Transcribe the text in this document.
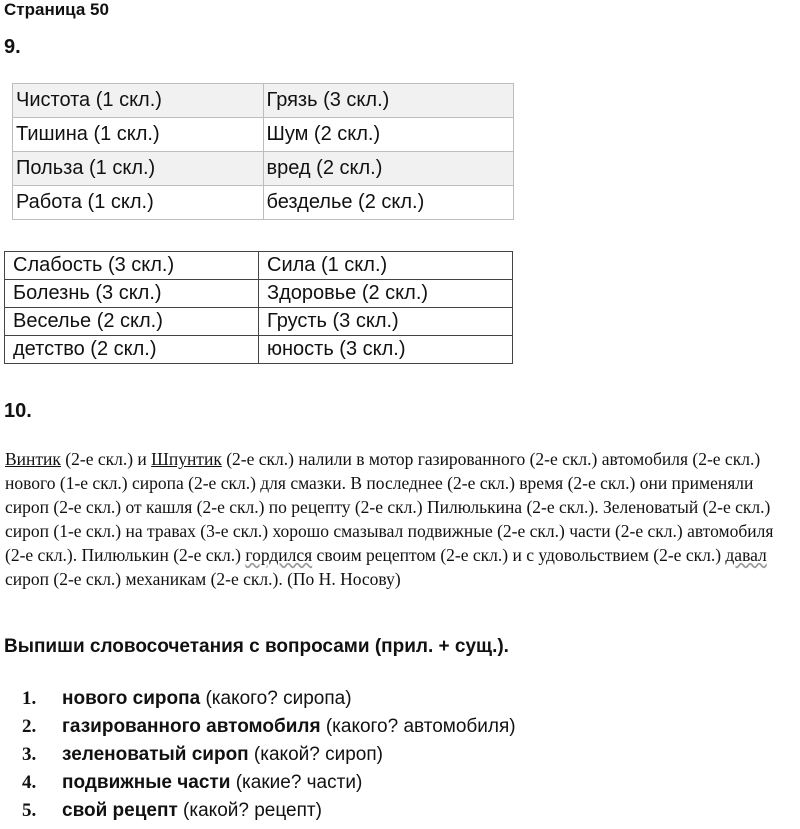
Страница 50
9.
Чистота (1 скл.)	Грязь (3 скл.)
Тишина (1 скл.)	Шум (2 скл.)
Польза (1 скл.)	вред (2 скл.)
Работа (1 скл.)	безделье (2 скл.)
Слабость (3 скл.)	Сила (1 скл.)
Болезнь (3 скл.)	Здоровье (2 скл.)
Веселье (2 скл.)	Грусть (3 скл.)
детство (2 скл.)	юность (3 скл.)
10.
Винтик (2-е скл.) и Шпунтик (2-е скл.) налили в мотор газированного (2-е скл.) автомобиля (2-е скл.) нового (1-е скл.) сиропа (2-е скл.) для смазки. В последнее (2-е скл.) время (2-е скл.) они применяли сироп (2-е скл.) от кашля (2-е скл.) по рецепту (2-е скл.) Пилюлькина (2-е скл.). Зеленоватый (2-е скл.) сироп (1-е скл.) на травах (3-е скл.) хорошо смазывал подвижные (2-е скл.) части (2-е скл.) автомобиля (2-е скл.). Пилюлькин (2-е скл.) гордился своим рецептом (2-е скл.) и с удовольствием (2-е скл.) давал сироп (2-е скл.) механикам (2-е скл.). (По Н. Носову)
Выпиши словосочетания с вопросами (прил. + сущ.).
1. нового сиропа (какого? сиропа)
2. газированного автомобиля (какого? автомобиля)
3. зеленоватый сироп (какой? сироп)
4. подвижные части (какие? части)
5. свой рецепт (какой? рецепт)
